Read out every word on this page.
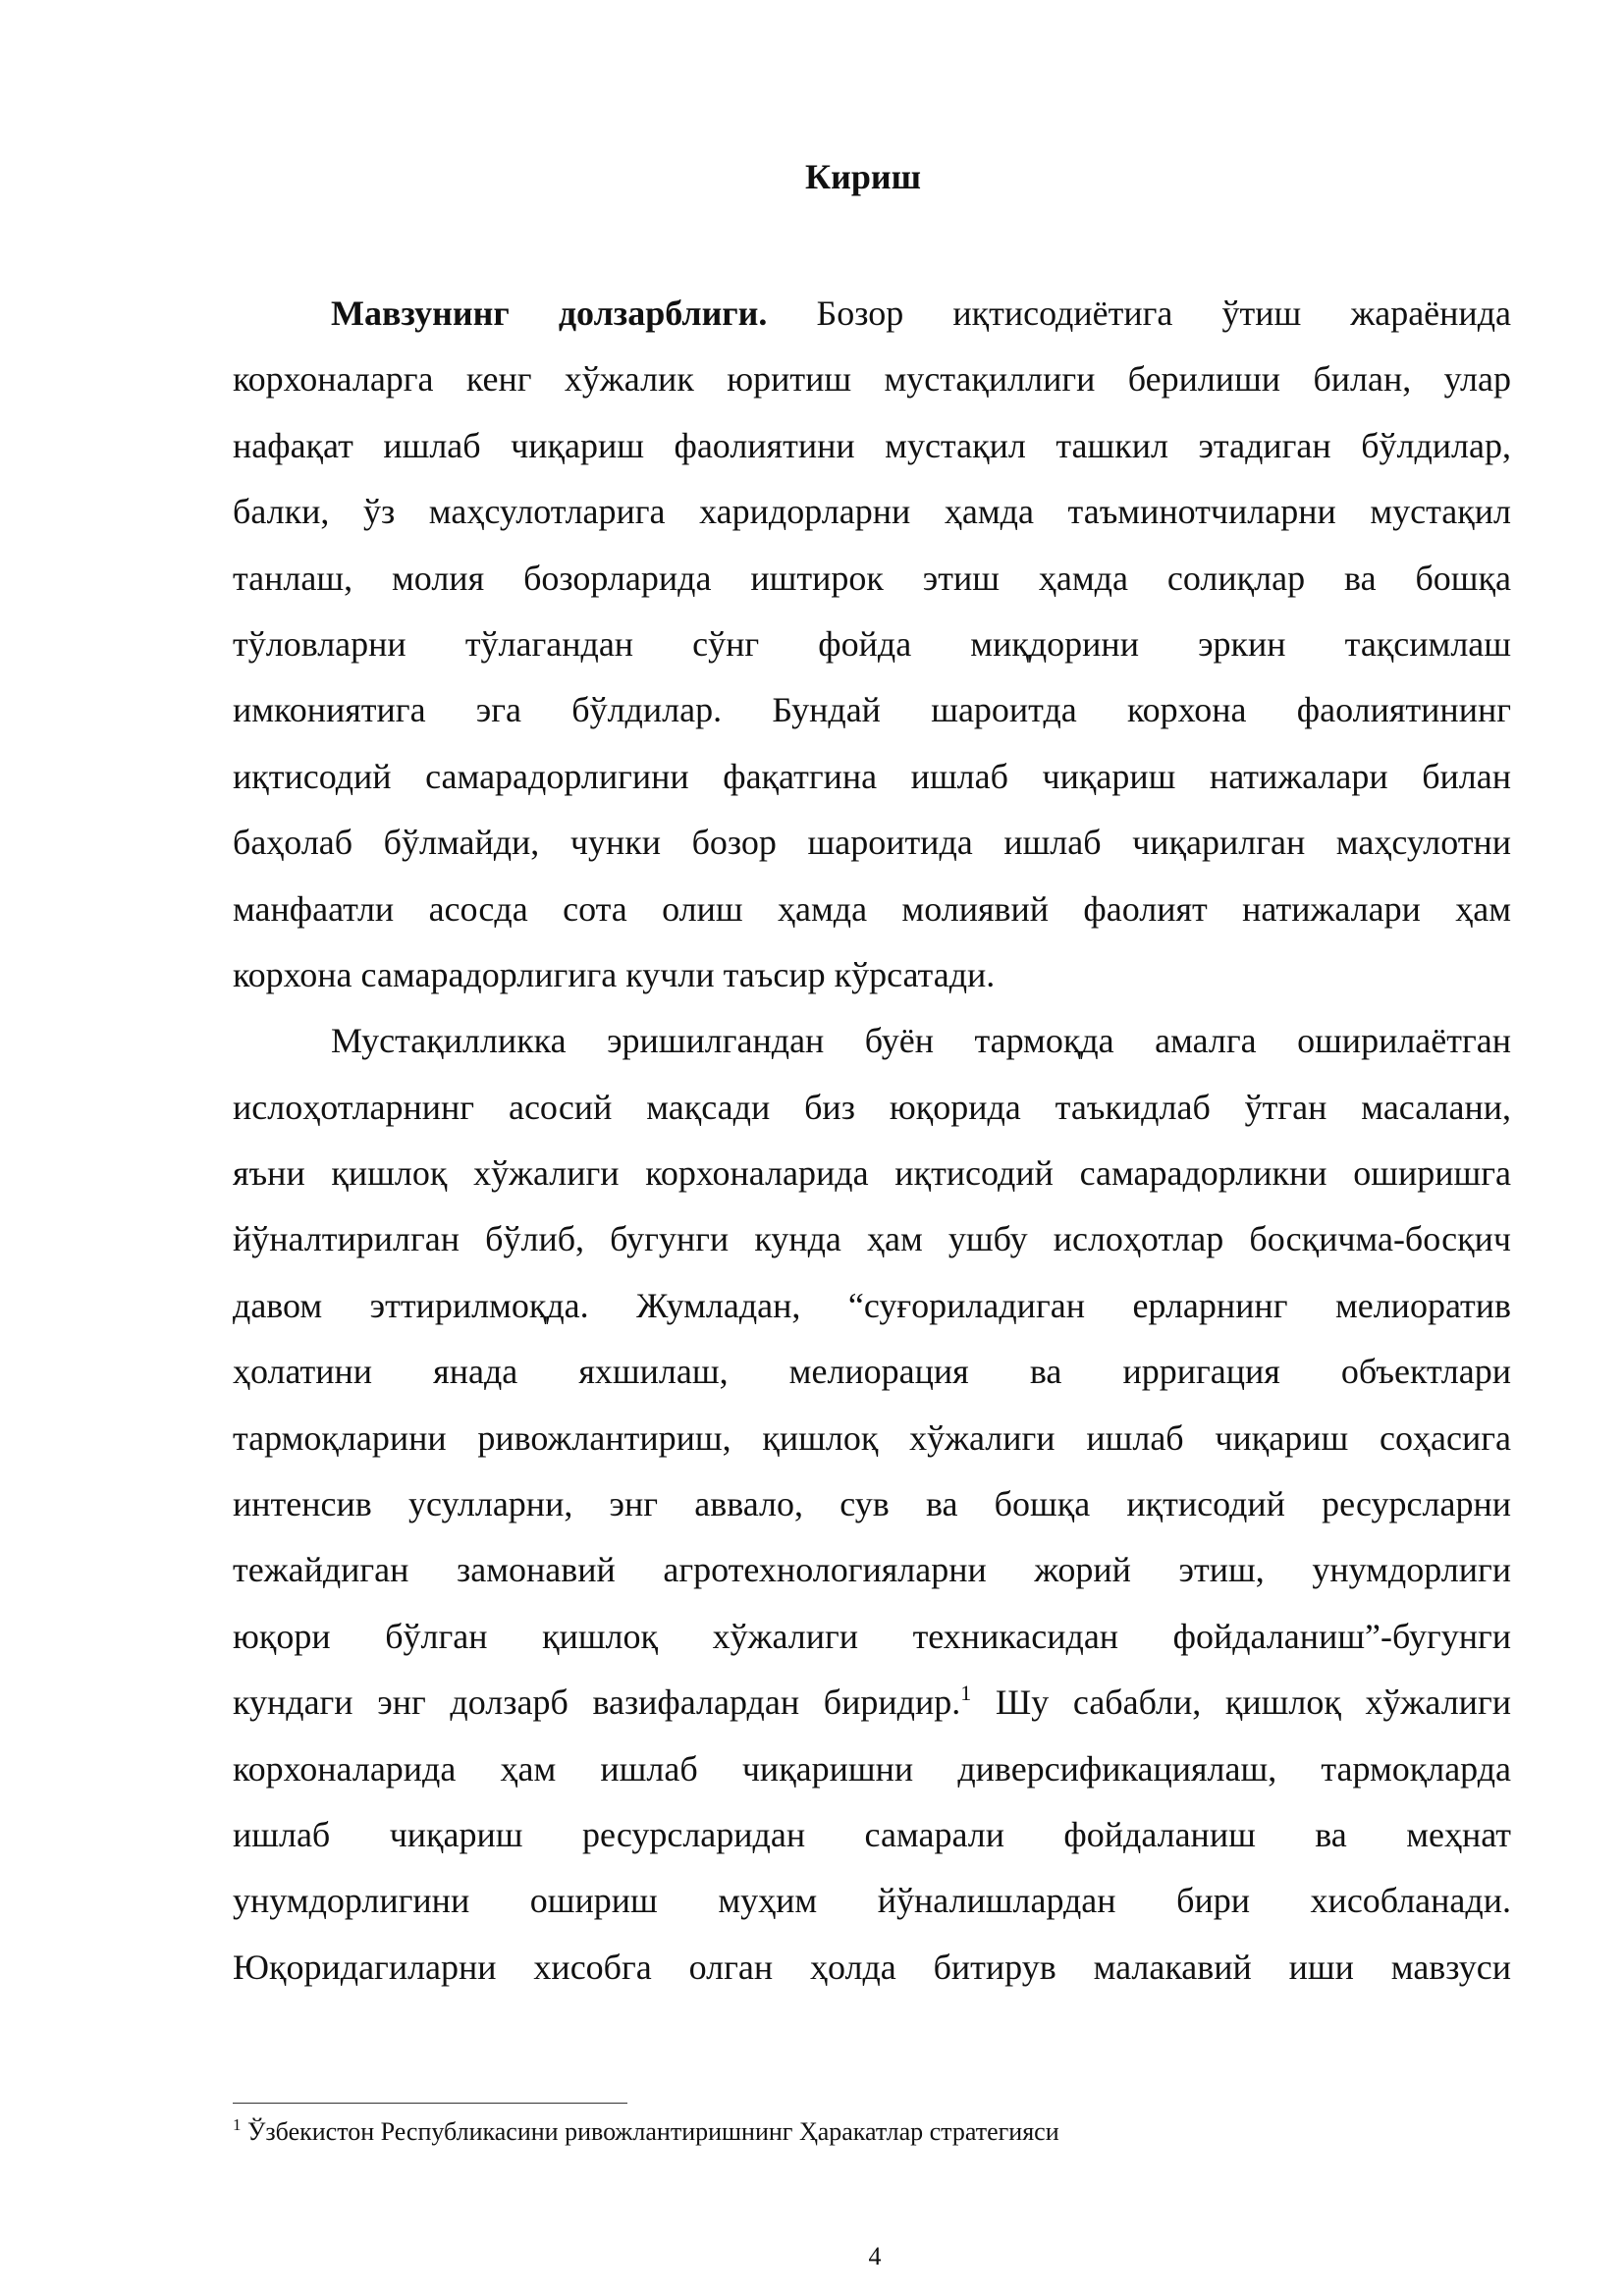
Кириш
Мавзунинг долзарблиги. Бозор иқтисодиётига ўтиш жараёнида
корхоналарга кенг хўжалик юритиш мустақиллиги берилиши билан, улар
нафақат ишлаб чиқариш фаолиятини мустақил ташкил этадиган бўлдилар,
балки, ўз маҳсулотларига харидорларни ҳамда таъминотчиларни мустақил
танлаш, молия бозорларида иштирок этиш ҳамда солиқлар ва бошқа
тўловларни тўлагандан сўнг фойда миқдорини эркин тақсимлаш
имкониятига эга бўлдилар. Бундай шароитда корхона фаолиятининг
иқтисодий самарадорлигини фақатгина ишлаб чиқариш натижалари билан
баҳолаб бўлмайди, чунки бозор шароитида ишлаб чиқарилган маҳсулотни
манфаатли асосда сота олиш ҳамда молиявий фаолият натижалари ҳам
корхона самарадорлигига кучли таъсир кўрсатади.
Мустақилликка эришилгандан буён тармоқда амалга оширилаётган
ислоҳотларнинг асосий мақсади биз юқорида таъкидлаб ўтган масалани,
яъни қишлоқ хўжалиги корхоналарида иқтисодий самарадорликни оширишга
йўналтирилган бўлиб, бугунги кунда ҳам ушбу ислоҳотлар босқичма-босқич
давом эттирилмоқда. Жумладан, “суғориладиган ерларнинг мелиоратив
ҳолатини янада яхшилаш, мелиорация ва ирригация объектлари
тармоқларини ривожлантириш, қишлоқ хўжалиги ишлаб чиқариш соҳасига
интенсив усулларни, энг аввало, сув ва бошқа иқтисодий ресурсларни
тежайдиган замонавий агротехнологияларни жорий этиш, унумдорлиги
юқори бўлган қишлоқ хўжалиги техникасидан фойдаланиш”-бугунги
кундаги энг долзарб вазифалардан биридир.$^1$ Шу сабабли, қишлоқ хўжалиги
корхоналарида ҳам ишлаб чиқаришни диверсификациялаш, тармоқларда
ишлаб чиқариш ресурсларидан самарали фойдаланиш ва меҳнат
унумдорлигини ошириш муҳим йўналишлардан бири хисобланади.
Юқоридагиларни хисобга олган ҳолда битирув малакавий иши мавзуси
$^1$ Ўзбекистон Республикасини ривожлантиришнинг Ҳаракатлар стратегияси
4
